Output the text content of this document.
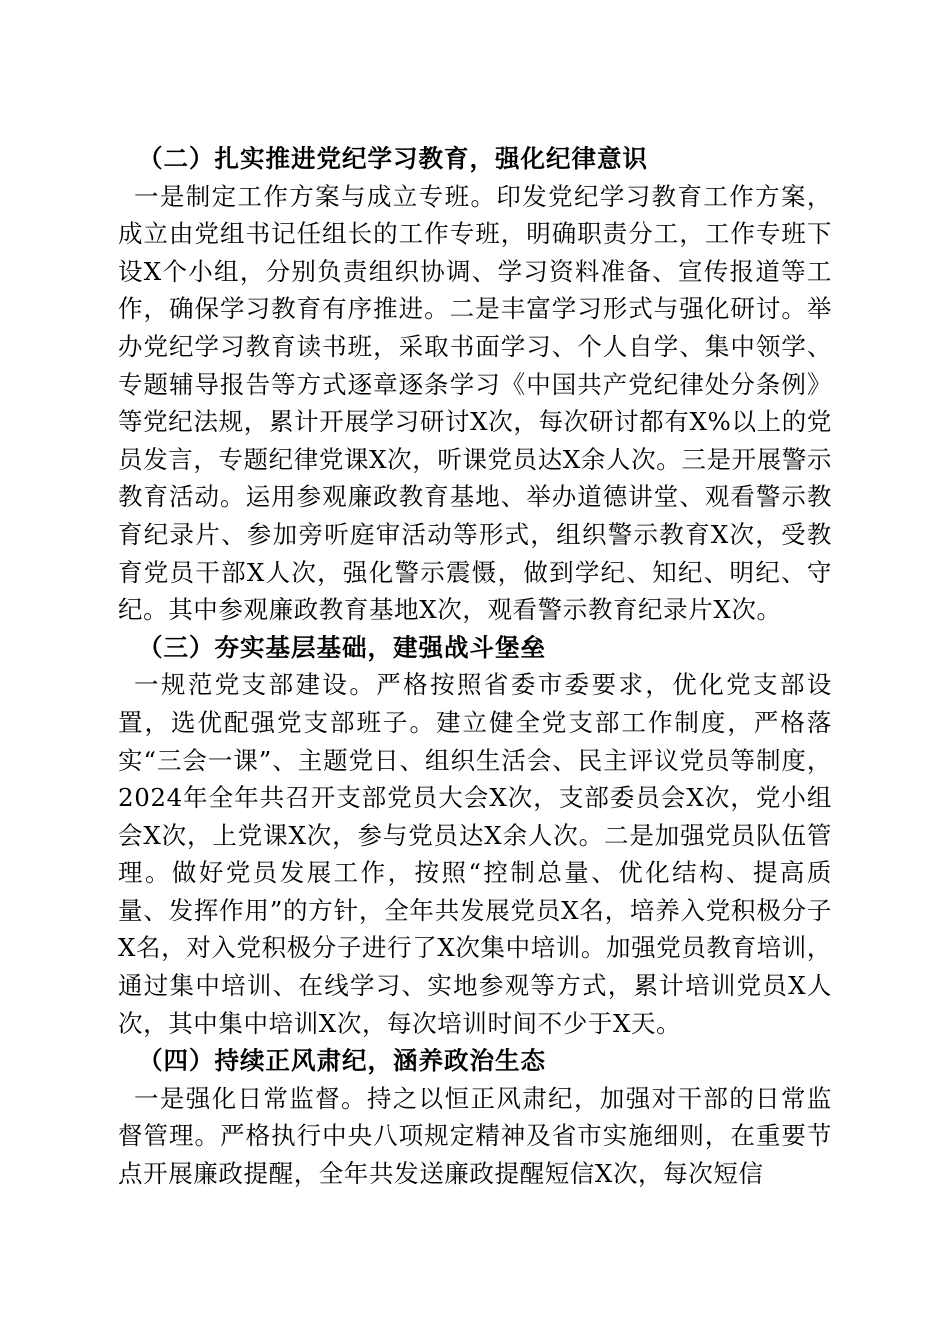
（二）扎实推进党纪学习教育，强化纪律意识

一是制定工作方案与成立专班。印发党纪学习教育工作方案，成立由党组书记任组长的工作专班，明确职责分工，工作专班下设X个小组，分别负责组织协调、学习资料准备、宣传报道等工作，确保学习教育有序推进。二是丰富学习形式与强化研讨。举办党纪学习教育读书班，采取书面学习、个人自学、集中领学、专题辅导报告等方式逐章逐条学习《中国共产党纪律处分条例》等党纪法规，累计开展学习研讨X次，每次研讨都有X%以上的党员发言，专题纪律党课X次，听课党员达X余人次。三是开展警示教育活动。运用参观廉政教育基地、举办道德讲堂、观看警示教育纪录片、参加旁听庭审活动等形式，组织警示教育X次，受教育党员干部X人次，强化警示震慑，做到学纪、知纪、明纪、守纪。其中参观廉政教育基地X次，观看警示教育纪录片X次。

（三）夯实基层基础，建强战斗堡垒

一规范党支部建设。严格按照省委市委要求，优化党支部设置，选优配强党支部班子。建立健全党支部工作制度，严格落实“三会一课”、主题党日、组织生活会、民主评议党员等制度，2024年全年共召开支部党员大会X次，支部委员会X次，党小组会X次，上党课X次，参与党员达X余人次。二是加强党员队伍管理。做好党员发展工作，按照“控制总量、优化结构、提高质量、发挥作用”的方针，全年共发展党员X名，培养入党积极分子X名，对入党积极分子进行了X次集中培训。加强党员教育培训，通过集中培训、在线学习、实地参观等方式，累计培训党员X人次，其中集中培训X次，每次培训时间不少于X天。

（四）持续正风肃纪，涵养政治生态

一是强化日常监督。持之以恒正风肃纪，加强对干部的日常监督管理。严格执行中央八项规定精神及省市实施细则，在重要节点开展廉政提醒，全年共发送廉政提醒短信X次，每次短信
